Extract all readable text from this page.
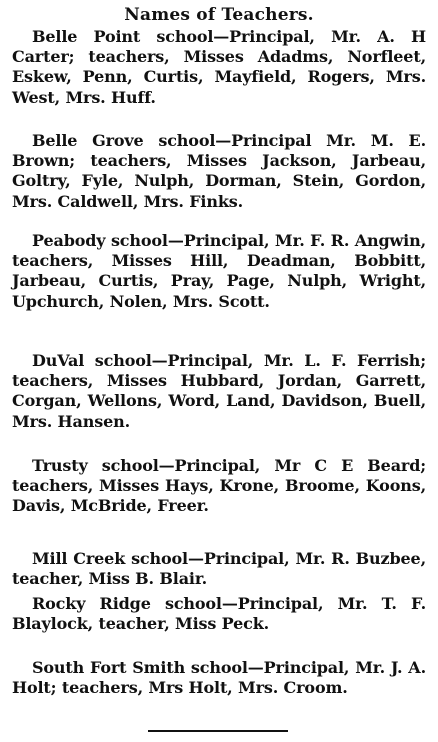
Names of Teachers.
Belle Point school—Principal, Mr. A. H Carter; teachers, Misses Adadms, Norfleet, Eskew, Penn, Curtis, Mayfield, Rogers, Mrs. West, Mrs. Huff.
Belle Grove school—Principal Mr. M. E. Brown; teachers, Misses Jackson, Jarbeau, Goltry, Fyle, Nulph, Dorman, Stein, Gordon, Mrs. Caldwell, Mrs. Finks.
Peabody school—Principal, Mr. F. R. Angwin, teachers, Misses Hill, Deadman, Bobbitt, Jarbeau, Curtis, Pray, Page, Nulph, Wright, Upchurch, Nolen, Mrs. Scott.
DuVal school—Principal, Mr. L. F. Ferrish; teachers, Misses Hubbard, Jordan, Garrett, Corgan, Wellons, Word, Land, Davidson, Buell, Mrs. Hansen.
Trusty school—Principal, Mr C E Beard; teachers, Misses Hays, Krone, Broome, Koons, Davis, McBride, Freer.
Mill Creek school—Principal, Mr. R. Buzbee, teacher, Miss B. Blair.
Rocky Ridge school—Principal, Mr. T. F. Blaylock, teacher, Miss Peck.
South Fort Smith school—Principal, Mr. J. A. Holt; teachers, Mrs Holt, Mrs. Croom.
